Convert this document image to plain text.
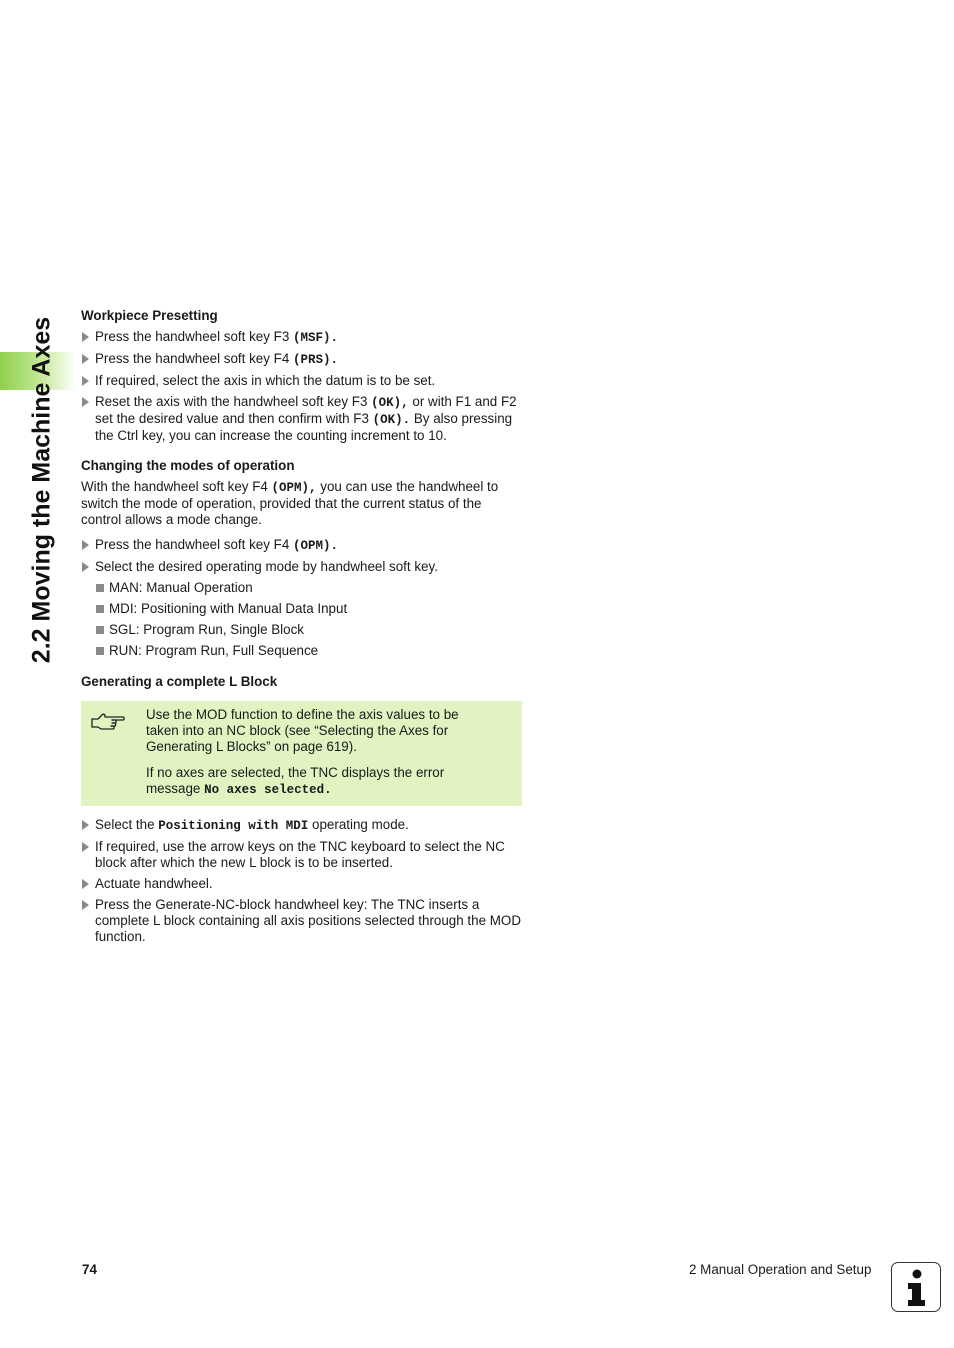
2.2 Moving the Machine Axes
Workpiece Presetting
Press the handwheel soft key F3 (MSF).
Press the handwheel soft key F4 (PRS).
If required, select the axis in which the datum is to be set.
Reset the axis with the handwheel soft key F3 (OK), or with F1 and F2 set the desired value and then confirm with F3 (OK). By also pressing the Ctrl key, you can increase the counting increment to 10.
Changing the modes of operation

With the handwheel soft key F4 (OPM), you can use the handwheel to switch the mode of operation, provided that the current status of the control allows a mode change.

Press the handwheel soft key F4 (OPM).
Select the desired operating mode by handwheel soft key.
MAN: Manual Operation
MDI: Positioning with Manual Data Input
SGL: Program Run, Single Block
RUN: Program Run, Full Sequence
Generating a complete L Block

Use the MOD function to define the axis values to be taken into an NC block (see “Selecting the Axes for Generating L Blocks” on page 619).

If no axes are selected, the TNC displays the error message No axes selected.

Select the Positioning with MDI operating mode.
If required, use the arrow keys on the TNC keyboard to select the NC block after which the new L block is to be inserted.
Actuate handwheel.
Press the Generate-NC-block handwheel key: The TNC inserts a complete L block containing all axis positions selected through the MOD function.
74	2 Manual Operation and Setup
